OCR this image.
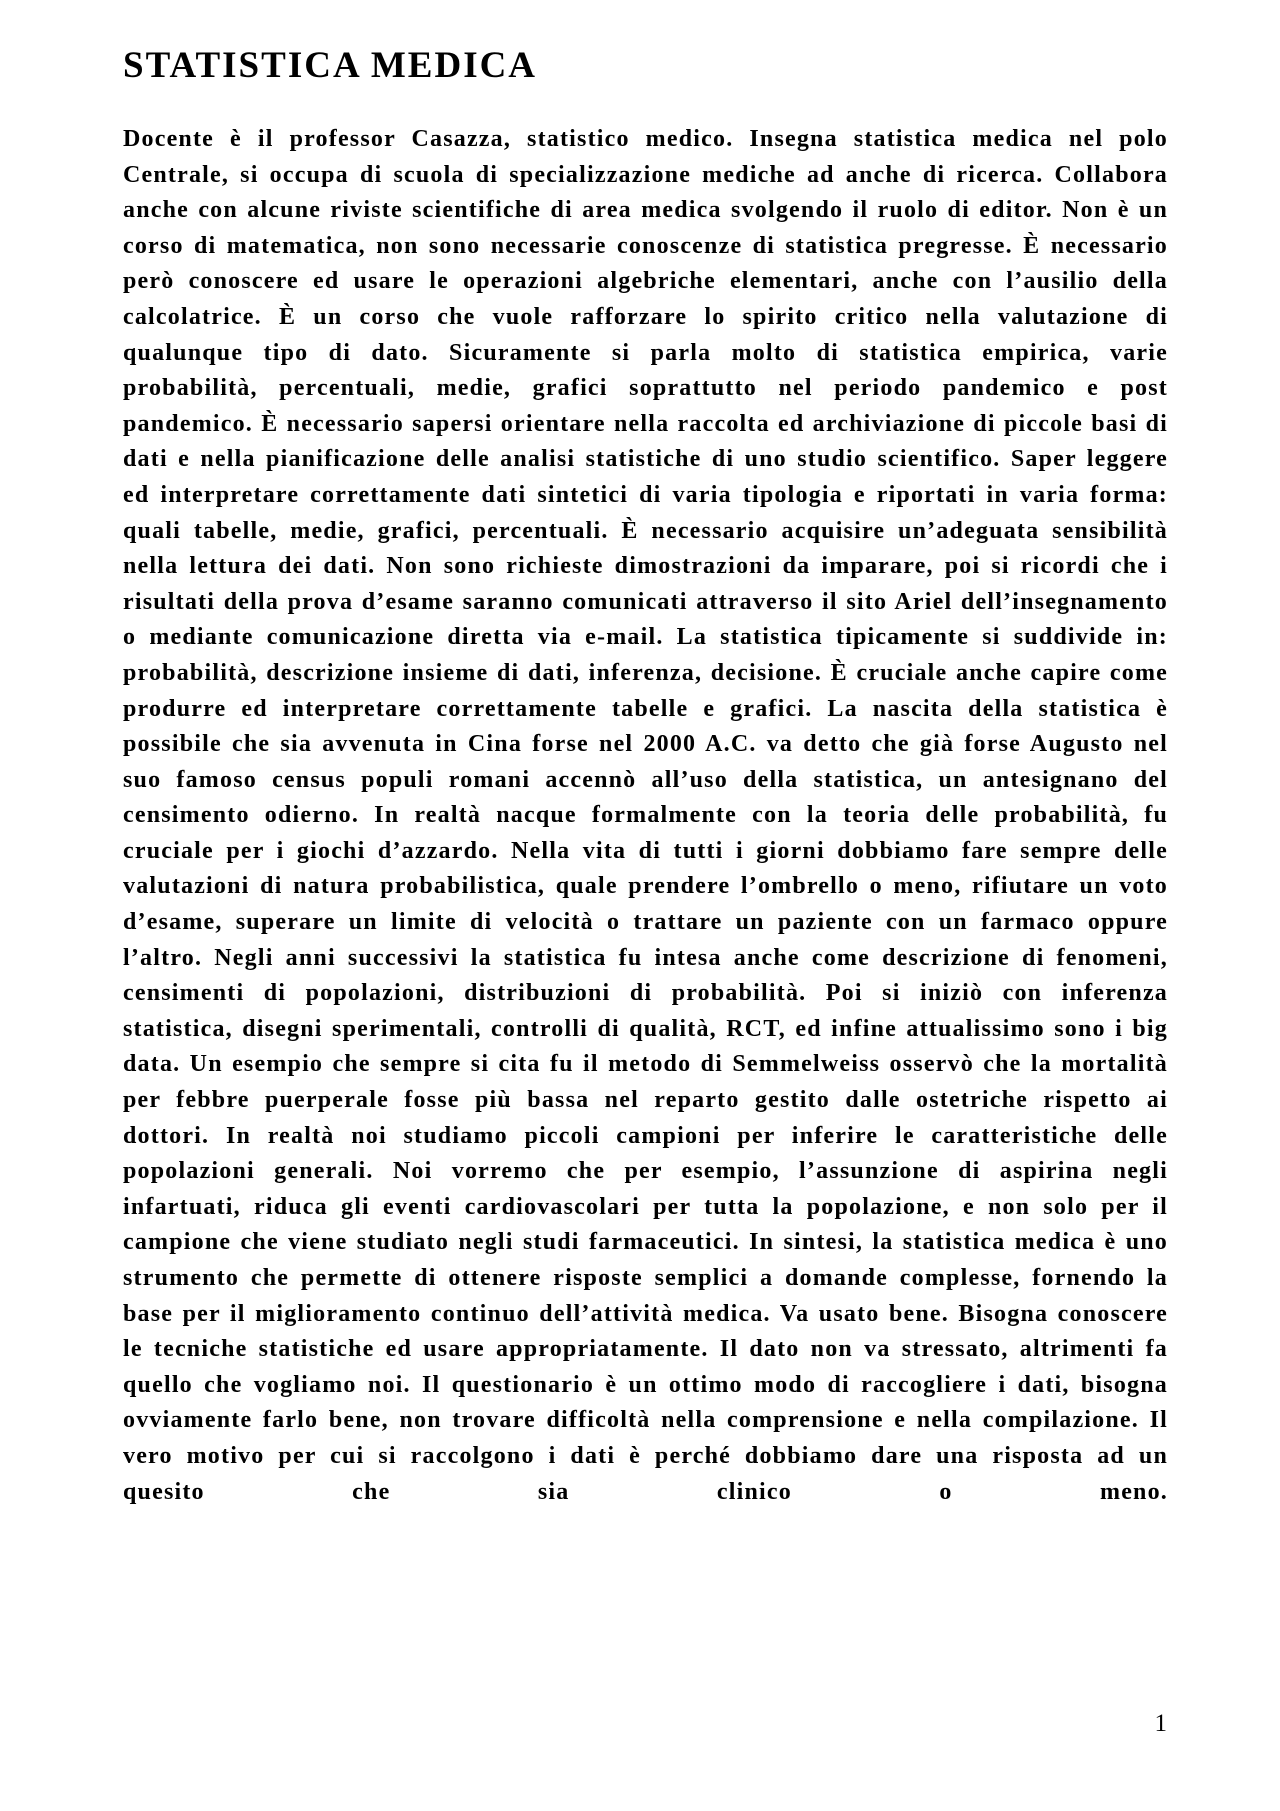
STATISTICA MEDICA

Docente è il professor Casazza, statistico medico. Insegna statistica medica nel polo Centrale, si occupa di scuola di specializzazione mediche ad anche di ricerca. Collabora anche con alcune riviste scientifiche di area medica svolgendo il ruolo di editor. Non è un corso di matematica, non sono necessarie conoscenze di statistica pregresse. È necessario però conoscere ed usare le operazioni algebriche elementari, anche con l’ausilio della calcolatrice. È un corso che vuole rafforzare lo spirito critico nella valutazione di qualunque tipo di dato. Sicuramente si parla molto di statistica empirica, varie probabilità, percentuali, medie, grafici soprattutto nel periodo pandemico e post pandemico. È necessario sapersi orientare nella raccolta ed archiviazione di piccole basi di dati e nella pianificazione delle analisi statistiche di uno studio scientifico. Saper leggere ed interpretare correttamente dati sintetici di varia tipologia e riportati in varia forma: quali tabelle, medie, grafici, percentuali. È necessario acquisire un’adeguata sensibilità nella lettura dei dati. Non sono richieste dimostrazioni da imparare, poi si ricordi che i risultati della prova d’esame saranno comunicati attraverso il sito Ariel dell’insegnamento o mediante comunicazione diretta via e-mail. La statistica tipicamente si suddivide in: probabilità, descrizione insieme di dati, inferenza, decisione. È cruciale anche capire come produrre ed interpretare correttamente tabelle e grafici. La nascita della statistica è possibile che sia avvenuta in Cina forse nel 2000 A.C. va detto che già forse Augusto nel suo famoso census populi romani accennò all’uso della statistica, un antesignano del censimento odierno. In realtà nacque formalmente con la teoria delle probabilità, fu cruciale per i giochi d’azzardo. Nella vita di tutti i giorni dobbiamo fare sempre delle valutazioni di natura probabilistica, quale prendere l’ombrello o meno, rifiutare un voto d’esame, superare un limite di velocità o trattare un paziente con un farmaco oppure l’altro. Negli anni successivi la statistica fu intesa anche come descrizione di fenomeni, censimenti di popolazioni, distribuzioni di probabilità. Poi si iniziò con inferenza statistica, disegni sperimentali, controlli di qualità, RCT, ed infine attualissimo sono i big data. Un esempio che sempre si cita fu il metodo di Semmelweiss osservò che la mortalità per febbre puerperale fosse più bassa nel reparto gestito dalle ostetriche rispetto ai dottori. In realtà noi studiamo piccoli campioni per inferire le caratteristiche delle popolazioni generali. Noi vorremo che per esempio, l’assunzione di aspirina negli infartuati, riduca gli eventi cardiovascolari per tutta la popolazione, e non solo per il campione che viene studiato negli studi farmaceutici. In sintesi, la statistica medica è uno strumento che permette di ottenere risposte semplici a domande complesse, fornendo la base per il miglioramento continuo dell’attività medica. Va usato bene. Bisogna conoscere le tecniche statistiche ed usare appropriatamente. Il dato non va stressato, altrimenti fa quello che vogliamo noi. Il questionario è un ottimo modo di raccogliere i dati, bisogna ovviamente farlo bene, non trovare difficoltà nella comprensione e nella compilazione. Il vero motivo per cui si raccolgono i dati è perché dobbiamo dare una risposta ad un quesito che sia clinico o meno.

1
